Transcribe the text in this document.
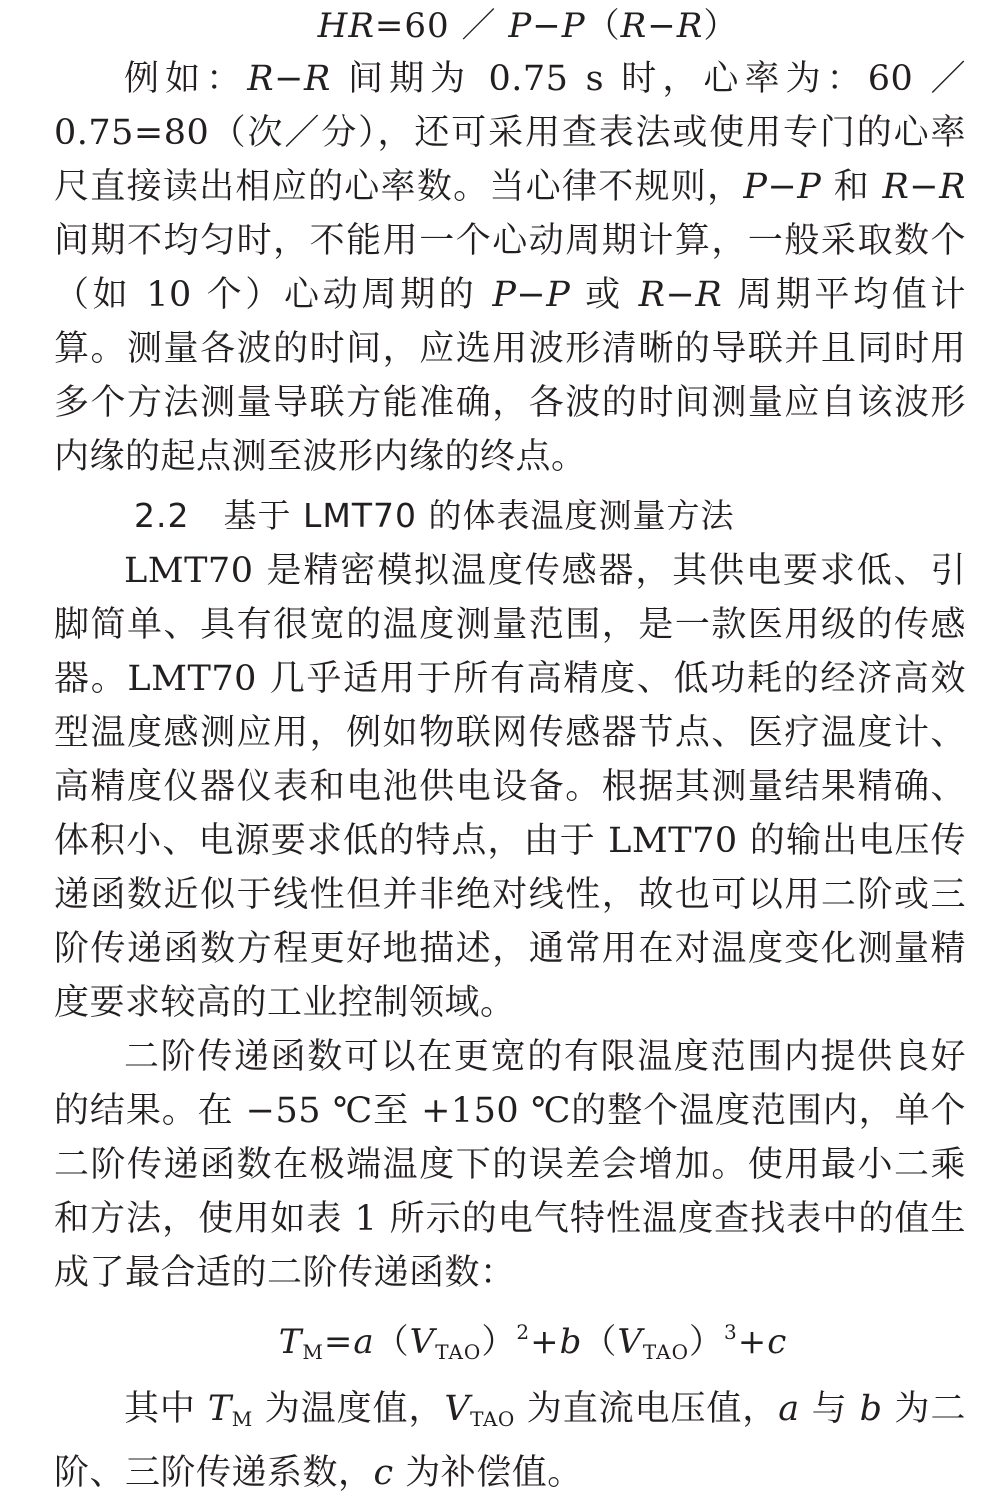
HR=60 ／ P−P（R−R）

例如：R−R 间期为 0.75 s 时，心率为：60 ／ 0.75=80（次／分），还可采用查表法或使用专门的心率尺直接读出相应的心率数。当心律不规则，P−P 和 R−R 间期不均匀时，不能用一个心动周期计算，一般采取数个（如 10 个）心动周期的 P−P 或 R−R 周期平均值计算。测量各波的时间，应选用波形清晰的导联并且同时用多个方法测量导联方能准确，各波的时间测量应自该波形内缘的起点测至波形内缘的终点。

2.2 基于 LMT70 的体表温度测量方法

LMT70 是精密模拟温度传感器，其供电要求低、引脚简单、具有很宽的温度测量范围，是一款医用级的传感器。LMT70 几乎适用于所有高精度、低功耗的经济高效型温度感测应用，例如物联网传感器节点、医疗温度计、高精度仪器仪表和电池供电设备。根据其测量结果精确、体积小、电源要求低的特点，由于 LMT70 的输出电压传递函数近似于线性但并非绝对线性，故也可以用二阶或三阶传递函数方程更好地描述，通常用在对温度变化测量精度要求较高的工业控制领域。

二阶传递函数可以在更宽的有限温度范围内提供良好的结果。在 −55 ℃至 +150 ℃的整个温度范围内，单个二阶传递函数在极端温度下的误差会增加。使用最小二乘和方法，使用如表 1 所示的电气特性温度查找表中的值生成了最合适的二阶传递函数：

$T_M=a(V_{TAO})^2+b(V_{TAO})^3+c$

其中 $T_M$ 为温度值，$V_{TAO}$ 为直流电压值，a 与 b 为二阶、三阶传递系数，c 为补偿值。
